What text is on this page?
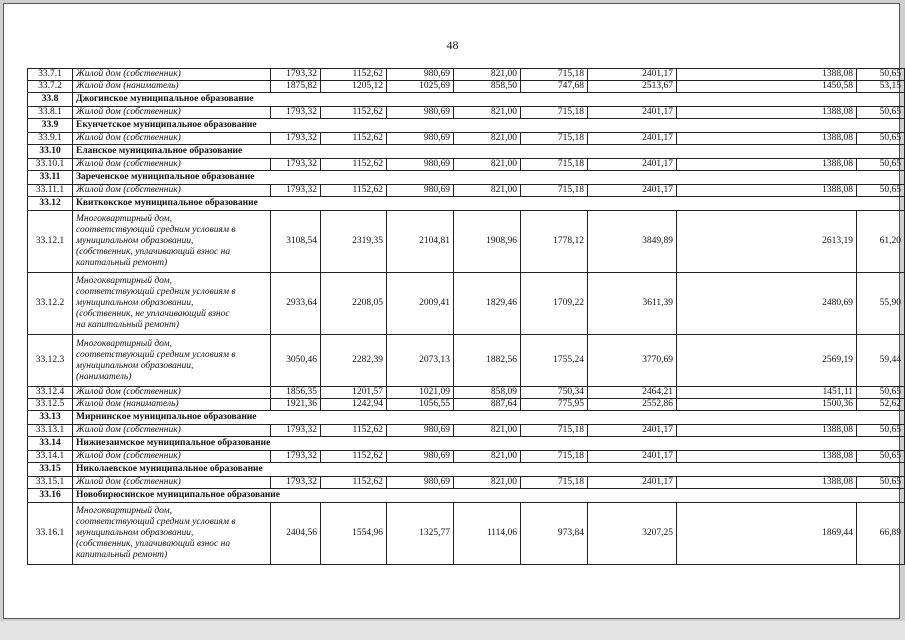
48
33.7.1	Жилой дом (собственник)	1793,32	1152,62	980,69	821,00	715,18	2401,17	1388,08	50,65
33.7.2	Жилой дом (наниматель)	1875,82	1205,12	1025,69	858,50	747,68	2513,67	1450,58	53,15
33.8	Джогинское муниципальное образование								
33.8.1	Жилой дом (собственник)	1793,32	1152,62	980,69	821,00	715,18	2401,17	1388,08	50,65
33.9	Екунчетское муниципальное образование								
33.9.1	Жилой дом (собственник)	1793,32	1152,62	980,69	821,00	715,18	2401,17	1388,08	50,65
33.10	Еланское муниципальное образование								
33.10.1	Жилой дом (собственник)	1793,32	1152,62	980,69	821,00	715,18	2401,17	1388,08	50,65
33.11	Зареченское муниципальное образование								
33.11.1	Жилой дом (собственник)	1793,32	1152,62	980,69	821,00	715,18	2401,17	1388,08	50,65
33.12	Квиткокское муниципальное образование								
33.12.1	Многоквартирный дом,
соответствующий средним условиям в
муниципальном образовании,
(собственник, уплачивающий взнос на
капитальный ремонт)	3108,54	2319,35	2104,81	1908,96	1778,12	3849,89	2613,19	61,20
33.12.2	Многоквартирный дом,
соответствующий средним условиям в
муниципальном образовании,
(собственник, не уплачивающий взнос
на капитальный ремонт)	2933,64	2208,05	2009,41	1829,46	1709,22	3611,39	2480,69	55,90
33.12.3	Многоквартирный дом,
соответствующий средним условиям в
муниципальном образовании,
(наниматель)	3050,46	2282,39	2073,13	1882,56	1755,24	3770,69	2569,19	59,44
33.12.4	Жилой дом (собственник)	1856,35	1201,57	1021,09	858,09	750,34	2464,21	1451,11	50,65
33.12.5	Жилой дом (наниматель)	1921,36	1242,94	1056,55	887,64	775,95	2552,86	1500,36	52,62
33.13	Мирнинское муниципальное образование								
33.13.1	Жилой дом (собственник)	1793,32	1152,62	980,69	821,00	715,18	2401,17	1388,08	50,65
33.14	Нижнезаимское муниципальное образование								
33.14.1	Жилой дом (собственник)	1793,32	1152,62	980,69	821,00	715,18	2401,17	1388,08	50,65
33.15	Николаевское муниципальное образование								
33.15.1	Жилой дом (собственник)	1793,32	1152,62	980,69	821,00	715,18	2401,17	1388,08	50,65
33.16	Новобирюсинское муниципальное образование								
33.16.1	Многоквартирный дом,
соответствующий средним условиям в
муниципальном образовании,
(собственник, уплачивающий взнос на
капитальный ремонт)	2404,56	1554,96	1325,77	1114,06	973,84	3207,25	1869,44	66,89
